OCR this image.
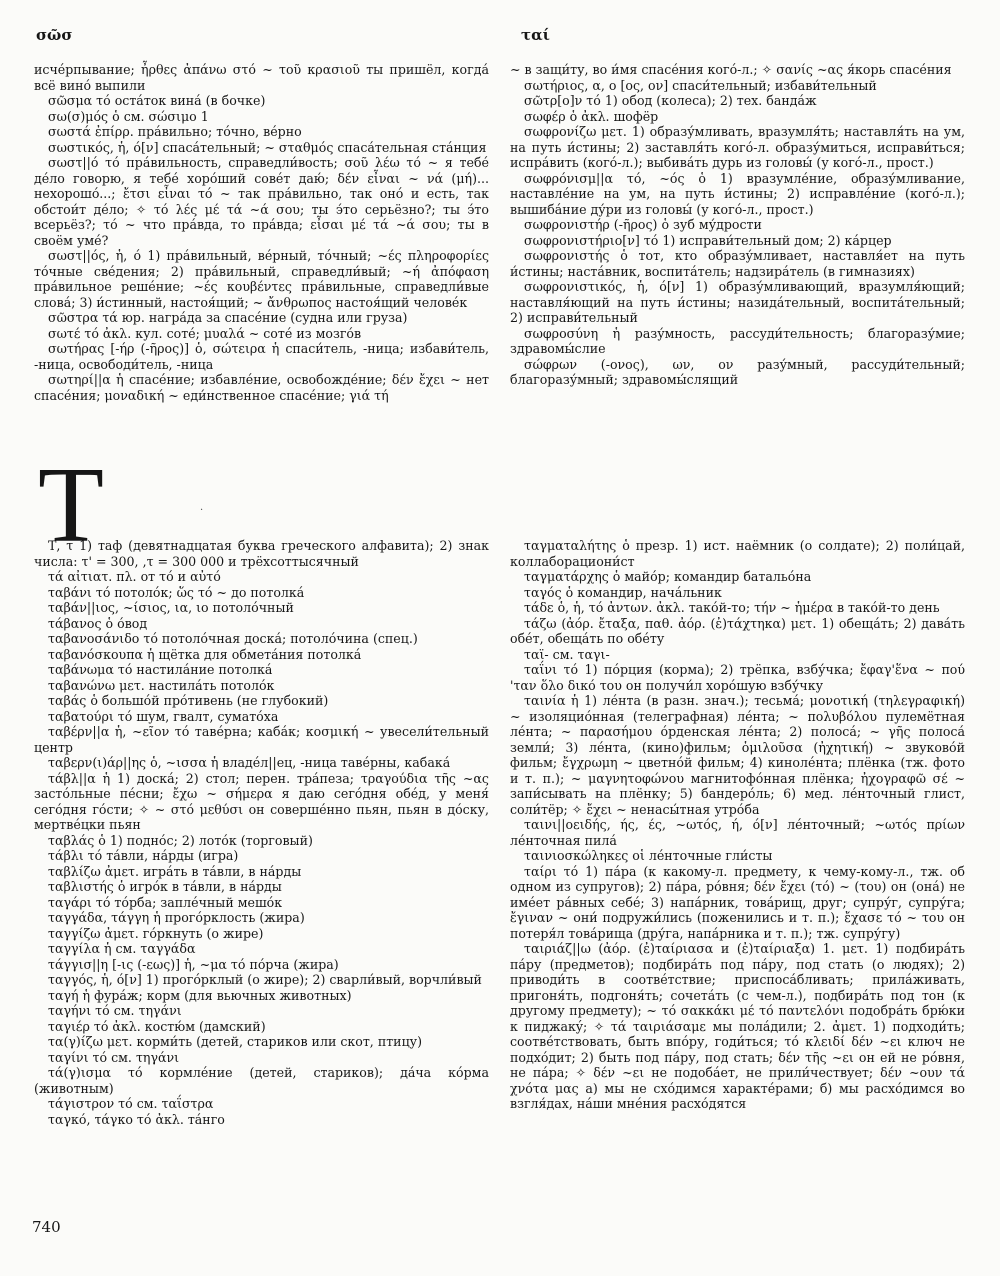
σῶσ	ταί

исчéрпывание; ἦρθες ἀπάνω στό ~ τοῦ κρασιοῦ ты пришёл, когдá всё винó выпили

σῶσμα τό остáток винá (в бочке)

σω(σ)μός ὁ см. σώσιμο 1

σωστά ἐπίρρ. прáвильно; тóчно, вéрно

σωστικός, ἡ, ό[ν] спасáтельный; ~ σταθμός спасáтельная стáнция

σωστ||ό τό прáвильность, справедли́вость; σοῦ λέω τό ~ я тебé дéло говорю, я тебé хорóший совéт даю́; δέν εἶναι ~ νά (μή)... нехорошó...; ἔτσι εἶναι τό ~ так прáвильно, так онó и есть, так обстои́т дéло; ✧ τό λές μέ τά ~ά σου; ты э́то серьёзно?; ты э́то всерьёз?; τό ~ что прáвда, то прáвда; εἶσαι μέ τά ~ά σου; ты в своём умé?

σωστ||ός, ἡ, ό 1) прáвильный, вéрный, тóчный; ~ές πληροφορίες тóчные свéдения; 2) прáвильный, справедли́вый; ~ή ἀπόφαση прáвильное решéние; ~ές κουβέντες прáвильные, справедли́вые словá; 3) и́стинный, настоя́щий; ~ ἄνθρωπος настоя́щий человéк

σῶστρα τά юр. нагрáда за спасéние (судна или груза)

σωτέ τό ἀκλ. кул. сотé; μυαλά ~ сотé из мозгóв

σωτήρας [-ήρ (-ῆρος)] ὁ, σώτειρα ἡ спаси́тель, -ница; избави́тель, -ница, освободи́тель, -ница

σωτηρί||α ἡ спасéние; избавлéние, освобождéние; δέν ἔχει ~ нет спасéния; μοναδική ~ еди́нственное спасéние; γιά τή

~ в защи́ту, во и́мя спасéния когó-л.; ✧ σανίς ~ας я́корь спасéния

σωτήριος, α, ο [ος, ον] спаси́тельный; избави́тельный

σῶτρ[ο]ν τό 1) обод (колеса); 2) тех. бандáж

σωφέρ ὁ ἀκλ. шофёр

σωφρονίζω μετ. 1) образу́мливать, вразумля́ть; наставля́ть на ум, на путь и́стины; 2) заставля́ть когó-л. образу́миться, исправи́ться; испрáвить (когó-л.); выбивáть дурь из головы́ (у когó-л., прост.)

σωφρόνισμ||α τό, ~ός ὁ 1) вразумлéние, образу́мливание, наставлéние на ум, на путь и́стины; 2) исправлéние (когó-л.); вышибáние ду́ри из головы́ (у когó-л., прост.)

σωφρονιστήρ (-ῆρος) ὁ зуб му́дрости

σωφρονιστήριο[ν] τό 1) исправи́тельный дом; 2) кáрцер

σωφρονιστής ὁ тот, кто образу́мливает, наставля́ет на путь и́стины; настáвник, воспитáтель; надзирáтель (в гимназиях)

σωφρονιστικός, ἡ, ό[ν] 1) образу́мливающий, вразумля́ющий; наставля́ющий на путь и́стины; назидáтельный, воспитáтельный; 2) исправи́тельный

σωφροσύνη ἡ разу́мность, рассуди́тельность; благоразу́мие; здравомы́слие

σώφρων (-ονος), ων, ον разу́мный, рассуди́тельный; благоразу́мный; здравомы́слящий

T	·

Τ, τ 1) таф (девятнадцатая буква греческого алфавита); 2) знак числа: τ' = 300, ‚τ = 300 000 и трёхсоттысячный

τά αἰτιατ. πλ. от τό и αὐτό

ταβάνι τό потолóк; ὥς τό ~ до потолкá

ταβάν||ιος, ~ίσιος, ια, ιο потолóчный

τάβανος ὁ óвод

ταβανοσάνιδο τό потолóчная доскá; потолóчина (спец.)

ταβανόσκουπα ἡ щётка для обметáния потолкá

ταβάνωμα τό настилáние потолкá

ταβανώνω μετ. настилáть потолóк

ταβάς ὁ большóй прóтивень (не глубокий)

ταβατούρι τό шум, гвалт, суматóха

ταβέρν||α ἡ, ~εῖον τό тавéрна; кабáк; κοσμική ~ увесели́тельный центр

ταβερν(ι)άρ||ης ὁ, ~ισσα ἡ владéл||ец, -ница тавéрны, кабакá

τάβλ||α ἡ 1) доскá; 2) стол; перен. трáпеза; τραγούδια τῆς ~ας застóльные пéсни; ἔχω ~ σήμερα я даю сегóдня обéд, у меня́ сегóдня гóсти; ✧ ~ στό μεθύσι он совершéнно пьян, пьян в дóску, мертвéцки пьян

ταβλάς ὁ 1) поднóс; 2) лотóк (торговый)

τάβλι τό тáвли, нáрды (игра)

ταβλίζω ἀμετ. игрáть в тáвли, в нáрды

ταβλιστής ὁ игрóк в тáвли, в нáрды

ταγάρι τό тóрба; заплéчный мешóк

ταγγάδα, τάγγη ἡ прогóрклость (жира)

ταγγίζω ἀμετ. гóркнуть (о жире)

ταγγίλα ἡ см. ταγγάδα

τάγγισ||η [-ις (-εως)] ἡ, ~μα τό пóрча (жира)

ταγγός, ἡ, ό[ν] 1) прогóрклый (о жире); 2) сварли́вый, ворчли́вый

ταγή ἡ фурáж; корм (для вьючных животных)

ταγήνι τό см. τηγάνι

ταγιέρ τό ἀκλ. костю́м (дамский)

τα(γ)ίζω μετ. корми́ть (детей, стариков или скот, птицу)

ταγίνι τό см. τηγάνι

τά(γ)ισμα τό кормлéние (детей, стариков); дáча кóрма (животным)

τάγιστρον τό см. ταΐστρα

ταγκό, τάγκο τό ἀκλ. тáнго

ταγματαλήτης ὁ презр. 1) ист. наёмник (о солдате); 2) поли́цай, коллаборациони́ст

ταγματάρχης ὁ майóр; командир батальóна

ταγός ὁ командир, начáльник

τάδε ὁ, ἡ, τό ἀντων. ἀκλ. такóй-то; τήν ~ ἡμέρα в такóй-то день

τάζω (ἀόρ. ἔταξα, παθ. ἀόρ. (ἐ)τάχτηκα) μετ. 1) обещáть; 2) давáть обéт, обещáть по обéту

ταϊ- см. ταγι-

ταΐνι τό 1) пóрция (корма); 2) трёпка, взбу́чка; ἔφαγ'ἕνα ~ πού 'ταν ὅλο δικό του он получи́л хорóшую взбу́чку

ταινία ἡ 1) лéнта (в разн. знач.); тесьмá; μονοτική (τηλεγραφική) ~ изоляциóнная (телеграфная) лéнта; ~ πολυβόλου пулемётная лéнта; ~ παρασήμου óрденская лéнта; 2) полосá; ~ γῆς полосá земли́; 3) лéнта, (кино)фильм; ὁμιλοῦσα (ἠχητική) ~ звуковóй фильм; ἔγχρωμη ~ цветнóй фильм; 4) кинолéнта; плёнка (тж. фото и т. п.); ~ μαγνητοφώνου магнитофóнная плёнка; ἠχογραφῶ σέ ~ запи́сывать на плёнку; 5) бандерóль; 6) мед. лéнточный глист, соли́тёр; ✧ ἔχει ~ ненасы́тная утрóба

ταινι||οειδής, ής, ές, ~ωτός, ή, ό[ν] лéнточный; ~ωτός πρίων лéнточная пилá

ταινιοσκώληκες οἱ лéнточные гли́сты

ταίρι τό 1) пáра (к какому-л. предмету, к чему-кому-л., тж. об одном из супругов); 2) пáра, рóвня; δέν ἔχει (τό) ~ (του) он (онá) не имéет рáвных себé; 3) напáрник, товáрищ, друг; супру́г, супру́га; ἔγιναν ~ они́ подружи́лись (поженились и т. п.); ἔχασε τό ~ του он потеря́л товáрища (дру́га, напáрника и т. п.); тж. супру́гу)

ταιριάζ||ω (ἀόρ. (ἐ)ταίριασα и (ἐ)ταίριαξα) 1. μετ. 1) подбирáть пáру (предметов); подбирáть под пáру, под стать (о людях); 2) приводи́ть в соотвéтствие; приспосáбливать; прилáживать, пригоня́ть, подгоня́ть; сочетáть (с чем-л.), подбирáть под тон (к другому предмету); ~ τό σακκάκι μέ τό παντελόνι подобрáть брю́ки к пиджакý; ✧ τά ταιριάσαμε мы полáдили; 2. ἀμετ. 1) подходи́ть; соотвéтствовать, быть впóру, годи́ться; τό κλειδί δέν ~ει ключ не подхóдит; 2) быть под пáру, под стать; δέν τῆς ~ει он ей не рóвня, не пáра; ✧ δέν ~ει не подобáет, не прили́чествует; δέν ~ουν τά χνότα μας а) мы не схóдимся характéрами; б) мы расхóдимся во взгля́дах, нáши мнéния расхóдятся

740
